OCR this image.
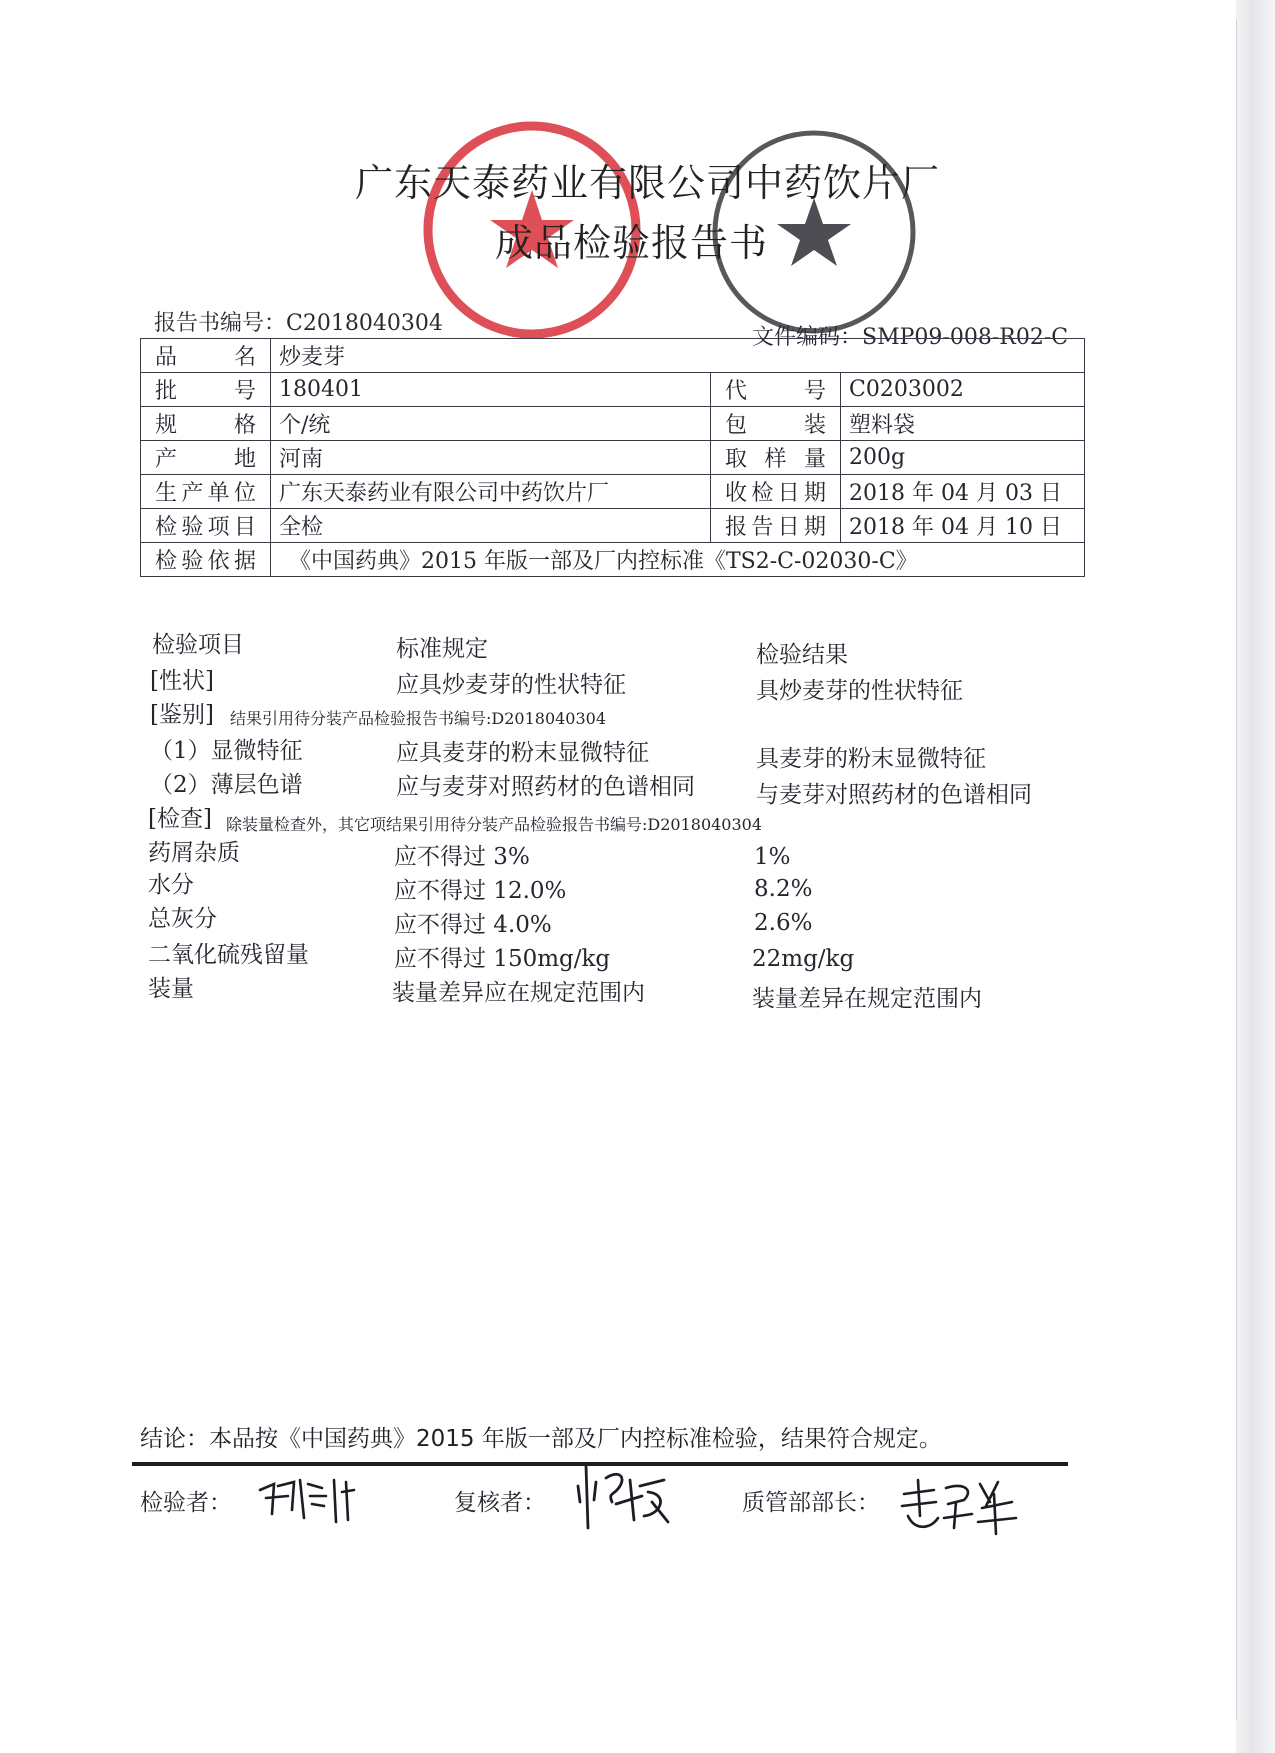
广东天泰药业有限公司中药饮片厂
成品检验报告书
报告书编号：C2018040304
文件编码：SMP09-008-R02-C
品名	炒麦芽		
批号	180401	代号	C0203002
规格	个/统	包装	塑料袋
产地	河南	取样量	200g
生产单位	广东天泰药业有限公司中药饮片厂	收检日期	2018 年 04 月 03 日
检验项目	全检	报告日期	2018 年 04 月 10 日
检验依据	《中国药典》2015 年版一部及厂内控标准《TS2-C-02030-C》		
检验项目	标准规定	检验结果
[性状]	应具炒麦芽的性状特征	具炒麦芽的性状特征
[鉴别] 结果引用待分装产品检验报告书编号:D2018040304
（1）显微特征	应具麦芽的粉末显微特征	具麦芽的粉末显微特征
（2）薄层色谱	应与麦芽对照药材的色谱相同	与麦芽对照药材的色谱相同
[检查] 除装量检查外，其它项结果引用待分装产品检验报告书编号:D2018040304
药屑杂质	应不得过 3%	1%
水分	应不得过 12.0%	8.2%
总灰分	应不得过 4.0%	2.6%
二氧化硫残留量	应不得过 150mg/kg	22mg/kg
装量	装量差异应在规定范围内	装量差异在规定范围内
结论：本品按《中国药典》2015 年版一部及厂内控标准检验，结果符合规定。
检验者：	复核者：	质管部部长：
